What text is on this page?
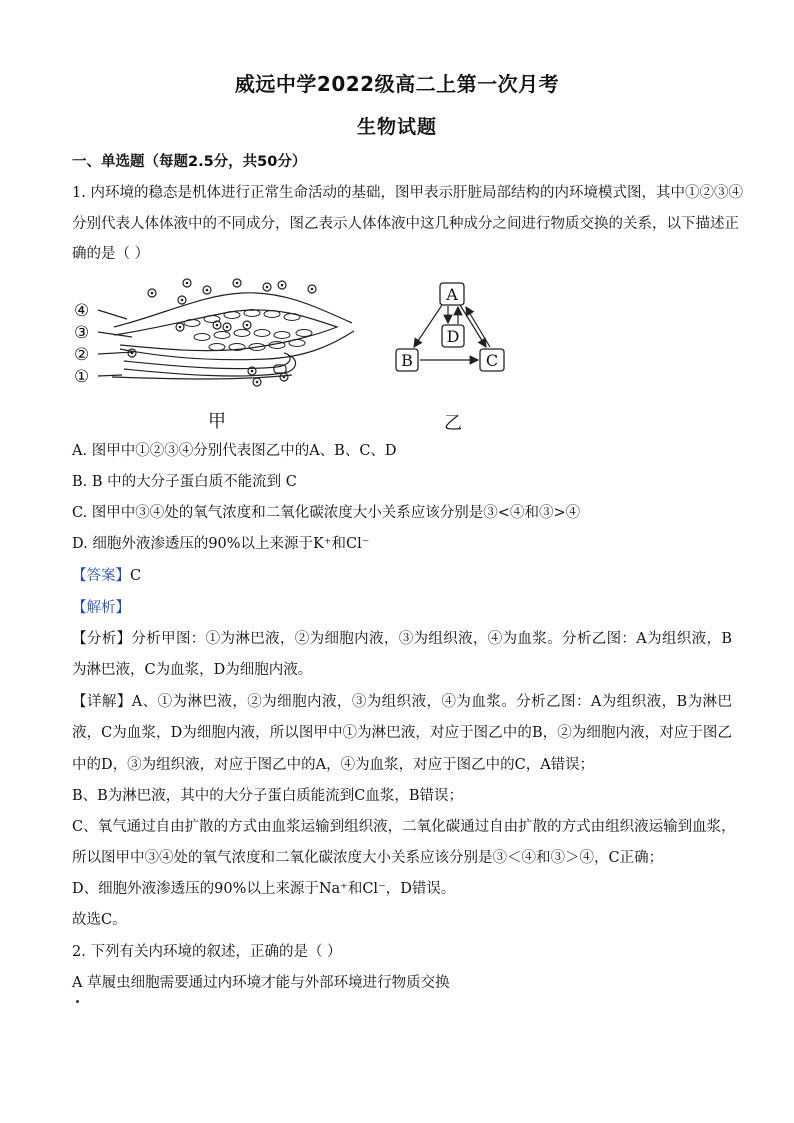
威远中学2022级高二上第一次月考
生物试题
一、单选题（每题2.5分，共50分）
1. 内环境的稳态是机体进行正常生命活动的基础，图甲表示肝脏局部结构的内环境模式图，其中①②③④
分别代表人体体液中的不同成分，图乙表示人体体液中这几种成分之间进行物质交换的关系，以下描述正
确的是（ ）
④
③
②
①
A
B	C
D
甲	乙
A. 图甲中①②③④分别代表图乙中的A、B、C、D
B. B 中的大分子蛋白质不能流到 C
C. 图甲中③④处的氧气浓度和二氧化碳浓度大小关系应该分别是③<④和③>④
D. 细胞外液渗透压的90%以上来源于K⁺和Cl⁻
【答案】C
【解析】
【分析】分析甲图：①为淋巴液，②为细胞内液，③为组织液，④为血浆。分析乙图：A为组织液，B
为淋巴液，C为血浆，D为细胞内液。
【详解】A、①为淋巴液，②为细胞内液，③为组织液，④为血浆。分析乙图：A为组织液，B为淋巴
液，C为血浆，D为细胞内液，所以图甲中①为淋巴液，对应于图乙中的B，②为细胞内液，对应于图乙
中的D，③为组织液，对应于图乙中的A，④为血浆，对应于图乙中的C，A错误；
B、B为淋巴液，其中的大分子蛋白质能流到C血浆，B错误；
C、氧气通过自由扩散的方式由血浆运输到组织液，二氧化碳通过自由扩散的方式由组织液运输到血浆，
所以图甲中③④处的氧气浓度和二氧化碳浓度大小关系应该分别是③＜④和③＞④，C正确；
D、细胞外液渗透压的90%以上来源于Na⁺和Cl⁻，D错误。
故选C。
2. 下列有关内环境的叙述，正确的是（ ）
A 草履虫细胞需要通过内环境才能与外部环境进行物质交换
